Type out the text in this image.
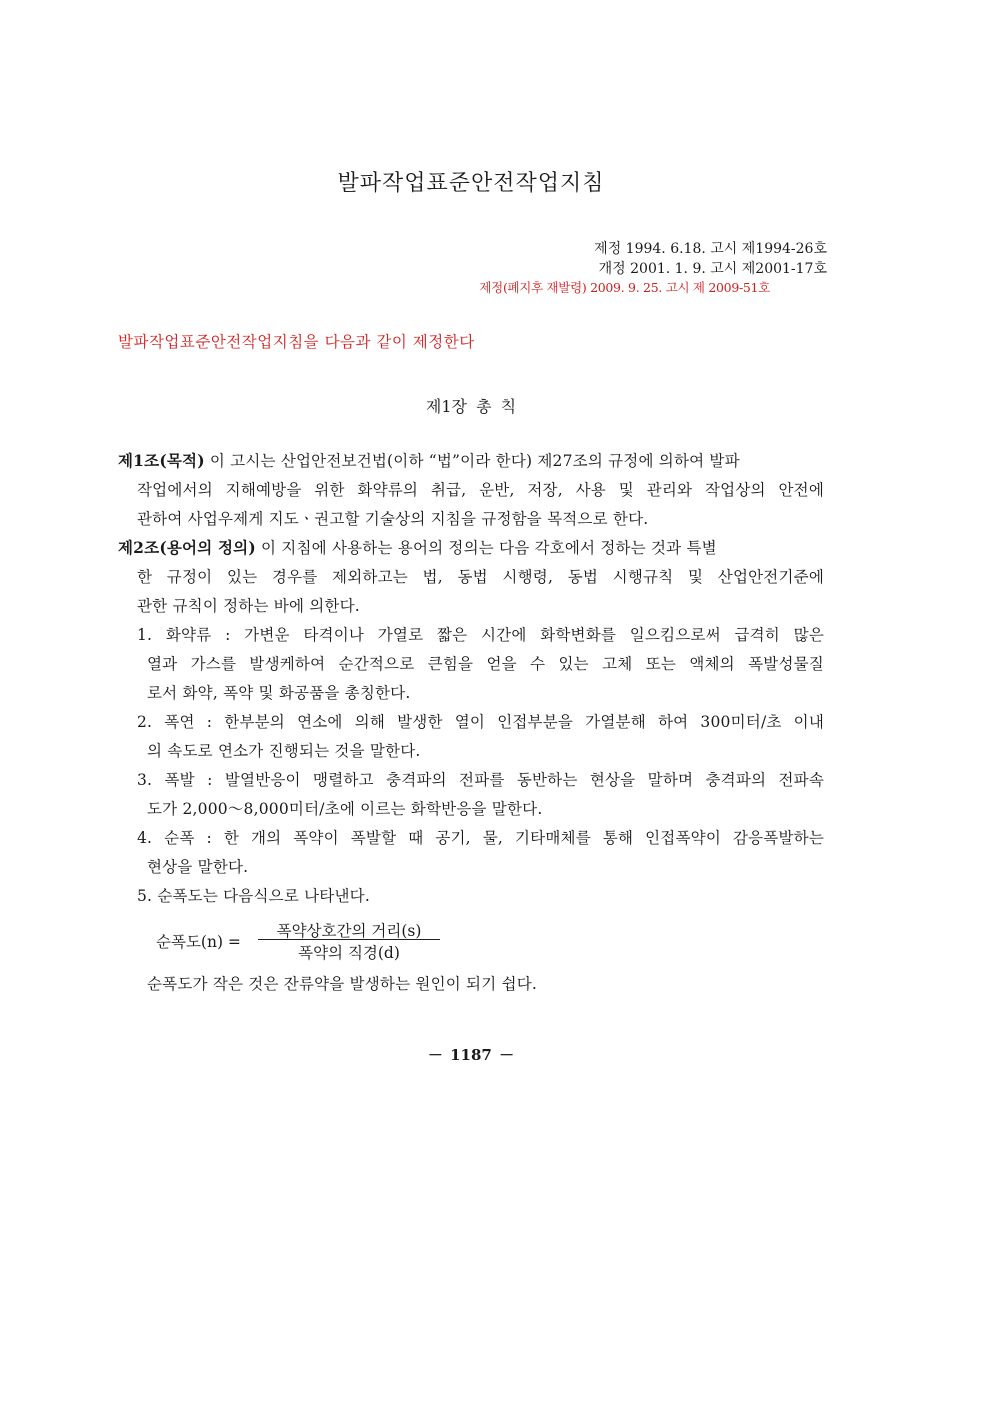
발파작업표준안전작업지침
제정 1994. 6.18. 고시 제1994-26호
개정 2001. 1. 9. 고시 제2001-17호
제정(폐지후 재발령) 2009. 9. 25. 고시 제 2009-51호
발파작업표준안전작업지침을 다음과 같이 제정한다
제1장 총 칙
제1조(목적) 이 고시는 산업안전보건법(이하 “법”이라 한다) 제27조의 규정에 의하여 발파
작업에서의 지해예방을 위한 화약류의 취급, 운반, 저장, 사용 및 관리와 작업상의 안전에
관하여 사업우제게 지도ㆍ권고할 기술상의 지침을 규정함을 목적으로 한다.
제2조(용어의 정의) 이 지침에 사용하는 용어의 정의는 다음 각호에서 정하는 것과 특별
한 규정이 있는 경우를 제외하고는 법, 동법 시행령, 동법 시행규칙 및 산업안전기준에
관한 규칙이 정하는 바에 의한다.
1. 화약류 : 가변운 타격이나 가열로 짧은 시간에 화학변화를 일으킴으로써 급격히 많은
열과 가스를 발생케하여 순간적으로 큰힘을 얻을 수 있는 고체 또는 액체의 폭발성물질
로서 화약, 폭약 및 화공품을 총칭한다.
2. 폭연 : 한부분의 연소에 의해 발생한 열이 인접부분을 가열분해 하여 300미터/초 이내
의 속도로 연소가 진행되는 것을 말한다.
3. 폭발 : 발열반응이 맹렬하고 충격파의 전파를 동반하는 현상을 말하며 충격파의 전파속
도가 2,000～8,000미터/초에 이르는 화학반응을 말한다.
4. 순폭 : 한 개의 폭약이 폭발할 때 공기, 물, 기타매체를 통해 인접폭약이 감응폭발하는
현상을 말한다.
5. 순폭도는 다음식으로 나타낸다.
순폭도(n) =
폭약상호간의 거리(s)
폭약의 직경(d)
순폭도가 작은 것은 잔류약을 발생하는 원인이 되기 쉽다.
－ 1187 －
